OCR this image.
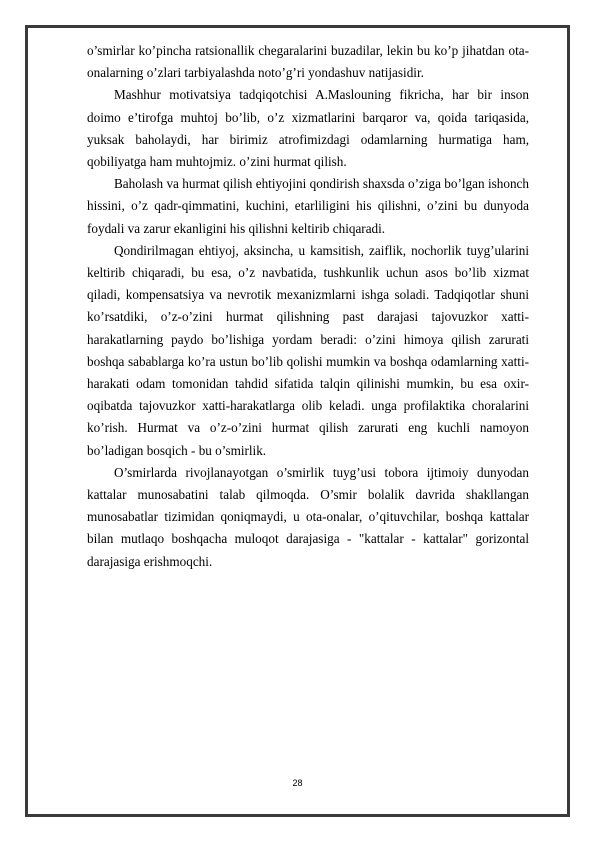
o’smirlar ko’pincha ratsionallik chegaralarini buzadilar, lekin bu ko’p jihatdan ota-onalarning o’zlari tarbiyalashda noto’g’ri yondashuv natijasidir.

Mashhur motivatsiya tadqiqotchisi A.Maslouning fikricha, har bir inson doimo e’tirofga muhtoj bo’lib, o’z xizmatlarini barqaror va, qoida tariqasida, yuksak baholaydi, har birimiz atrofimizdagi odamlarning hurmatiga ham, qobiliyatga ham muhtojmiz. o’zini hurmat qilish.

Baholash va hurmat qilish ehtiyojini qondirish shaxsda o’ziga bo’lgan ishonch hissini, o’z qadr-qimmatini, kuchini, etarliligini his qilishni, o’zini bu dunyoda foydali va zarur ekanligini his qilishni keltirib chiqaradi.

Qondirilmagan ehtiyoj, aksincha, u kamsitish, zaiflik, nochorlik tuyg’ularini keltirib chiqaradi, bu esa, o’z navbatida, tushkunlik uchun asos bo’lib xizmat qiladi, kompensatsiya va nevrotik mexanizmlarni ishga soladi. Tadqiqotlar shuni ko’rsatdiki, o’z-o’zini hurmat qilishning past darajasi tajovuzkor xatti-harakatlarning paydo bo’lishiga yordam beradi: o’zini himoya qilish zarurati boshqa sabablarga ko’ra ustun bo’lib qolishi mumkin va boshqa odamlarning xatti-harakati odam tomonidan tahdid sifatida talqin qilinishi mumkin, bu esa oxir-oqibatda tajovuzkor xatti-harakatlarga olib keladi. unga profilaktika choralarini ko’rish. Hurmat va o’z-o’zini hurmat qilish zarurati eng kuchli namoyon bo’ladigan bosqich - bu o’smirlik.

O’smirlarda rivojlanayotgan o’smirlik tuyg’usi tobora ijtimoiy dunyodan kattalar munosabatini talab qilmoqda. O’smir bolalik davrida shakllangan munosabatlar tizimidan qoniqmaydi, u ota-onalar, o’qituvchilar, boshqa kattalar bilan mutlaqo boshqacha muloqot darajasiga - "kattalar - kattalar" gorizontal darajasiga erishmoqchi.

28
